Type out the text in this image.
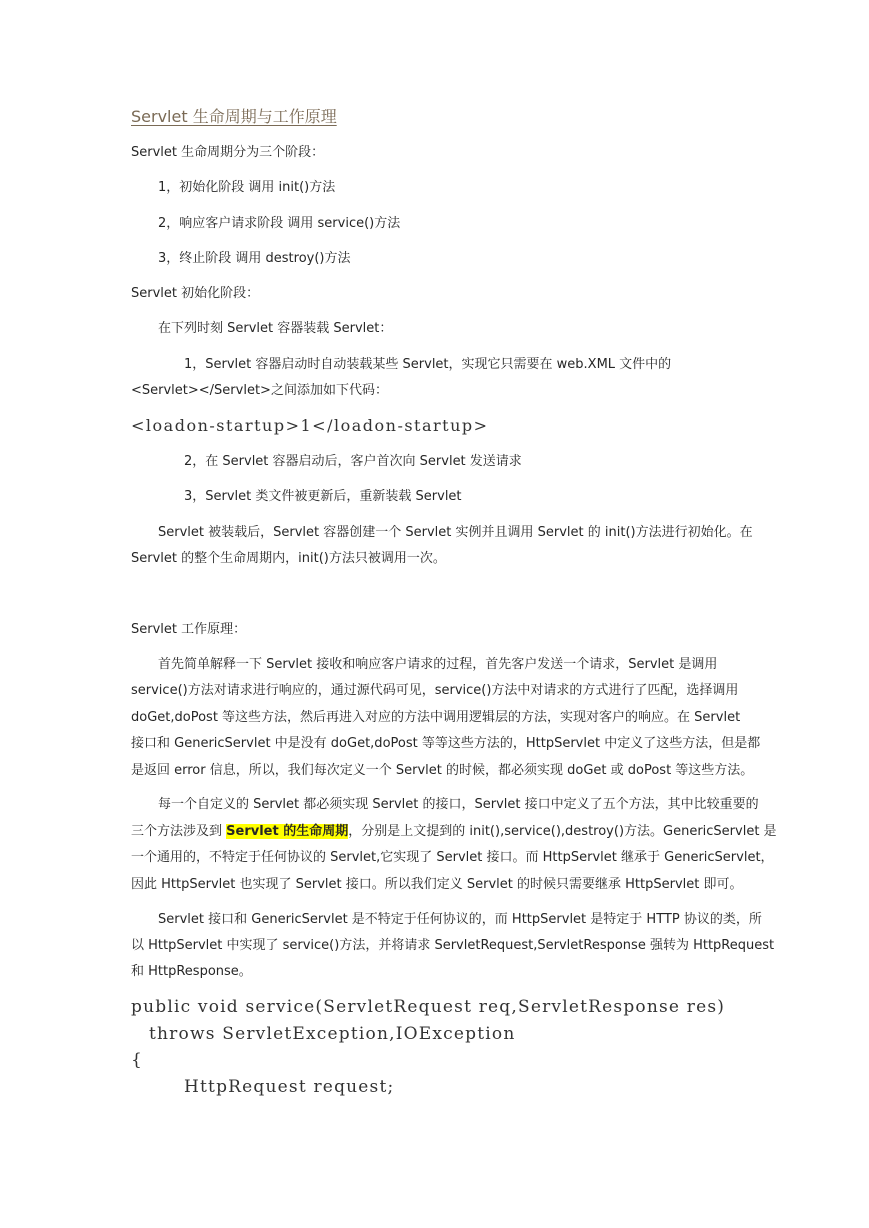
Servlet 生命周期与工作原理
Servlet 生命周期分为三个阶段：
1，初始化阶段 调用 init()方法
2，响应客户请求阶段 调用 service()方法
3，终止阶段 调用 destroy()方法
Servlet 初始化阶段：
在下列时刻 Servlet 容器装载 Servlet：
1，Servlet 容器启动时自动装载某些 Servlet，实现它只需要在 web.XML 文件中的
<Servlet></Servlet>之间添加如下代码：
<loadon-startup>1</loadon-startup>
2，在 Servlet 容器启动后，客户首次向 Servlet 发送请求
3，Servlet 类文件被更新后，重新装载 Servlet
Servlet 被装载后，Servlet 容器创建一个 Servlet 实例并且调用 Servlet 的 init()方法进行初始化。在
Servlet 的整个生命周期内，init()方法只被调用一次。
Servlet 工作原理：
首先简单解释一下 Servlet 接收和响应客户请求的过程，首先客户发送一个请求，Servlet 是调用
service()方法对请求进行响应的，通过源代码可见，service()方法中对请求的方式进行了匹配，选择调用
doGet,doPost 等这些方法，然后再进入对应的方法中调用逻辑层的方法，实现对客户的响应。在 Servlet
接口和 GenericServlet 中是没有 doGet,doPost 等等这些方法的，HttpServlet 中定义了这些方法，但是都
是返回 error 信息，所以，我们每次定义一个 Servlet 的时候，都必须实现 doGet 或 doPost 等这些方法。
每一个自定义的 Servlet 都必须实现 Servlet 的接口，Servlet 接口中定义了五个方法，其中比较重要的
三个方法涉及到 Servlet 的生命周期，分别是上文提到的 init(),service(),destroy()方法。GenericServlet 是
一个通用的，不特定于任何协议的 Servlet,它实现了 Servlet 接口。而 HttpServlet 继承于 GenericServlet，
因此 HttpServlet 也实现了 Servlet 接口。所以我们定义 Servlet 的时候只需要继承 HttpServlet 即可。
Servlet 接口和 GenericServlet 是不特定于任何协议的，而 HttpServlet 是特定于 HTTP 协议的类，所
以 HttpServlet 中实现了 service()方法，并将请求 ServletRequest,ServletResponse 强转为 HttpRequest
和 HttpResponse。
public void service(ServletRequest req,ServletResponse res)
throws ServletException,IOException
{
HttpRequest request;
